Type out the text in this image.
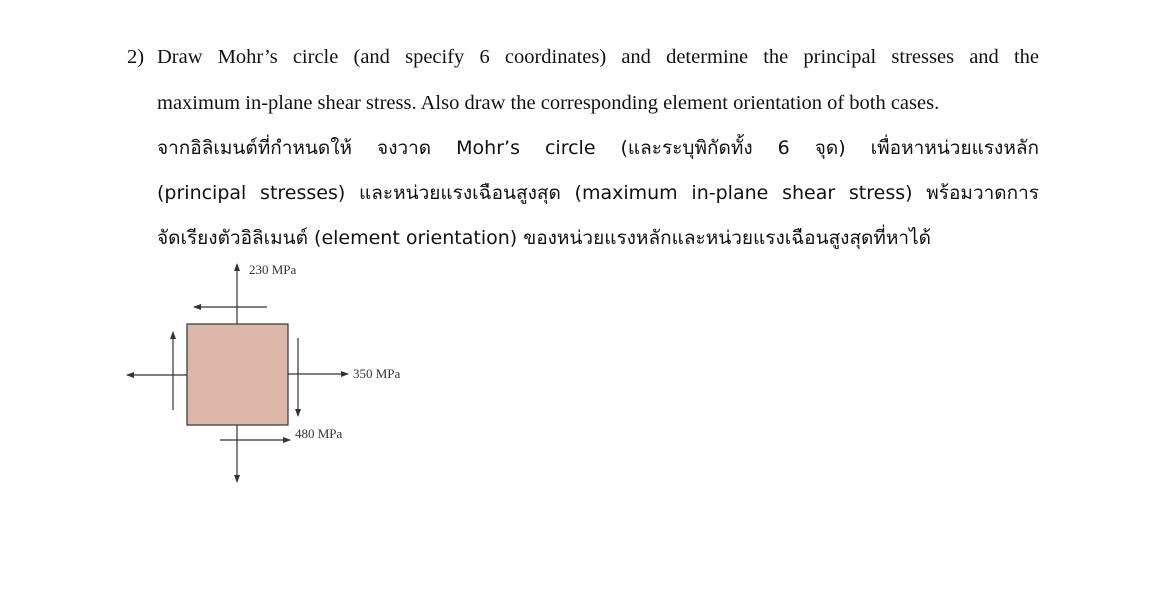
2) Draw Mohr’s circle (and specify 6 coordinates) and determine the principal stresses and the
maximum in-plane shear stress. Also draw the corresponding element orientation of both cases.
จากอิลิเมนต์ที่กำหนดให้ จงวาด Mohr’s circle (และระบุพิกัดทั้ง 6 จุด) เพื่อหาหน่วยแรงหลัก
(principal stresses) และหน่วยแรงเฉือนสูงสุด (maximum in-plane shear stress) พร้อมวาดการ
จัดเรียงตัวอิลิเมนต์ (element orientation) ของหน่วยแรงหลักและหน่วยแรงเฉือนสูงสุดที่หาได้
230 MPa
350 MPa
480 MPa
